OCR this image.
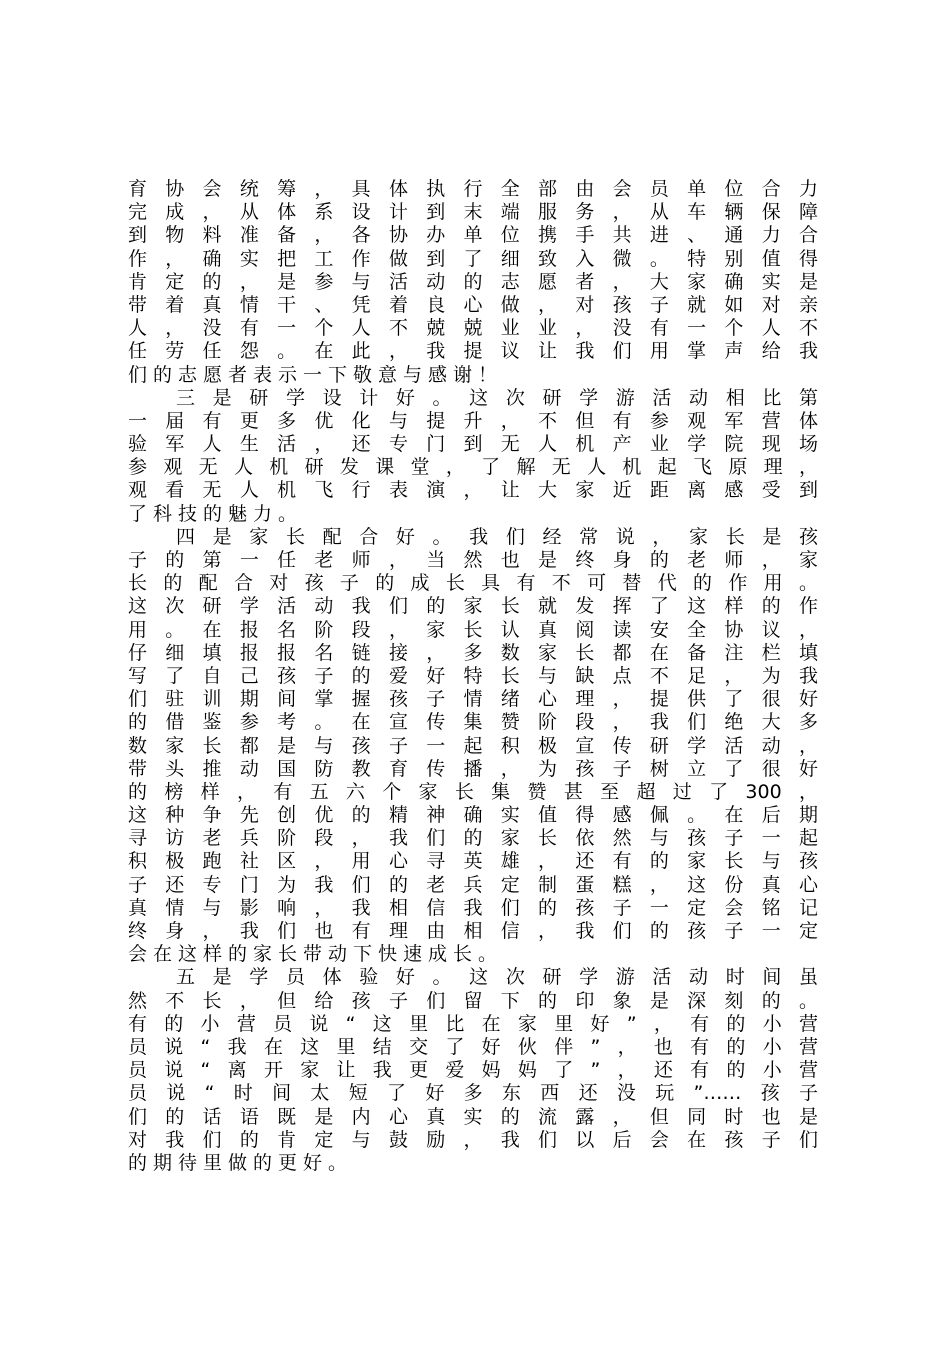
育协会统筹，具体执行全部由会员单位合力
完成，从体系设计到末端服务，从车辆保障
到物料准备，各协办单位携手共进、通力合
作，确实把工作做到了细致入微。特别值得
肯定的，是参与活动的志愿者，大家确实是
带着真情干、凭着良心做，对孩子就如对亲
人，没有一个人不兢兢业业，没有一个人不
任劳任怨。在此，我提议让我们用掌声给我
们的志愿者表示一下敬意与感谢！
三是研学设计好。这次研学游活动相比第
一届有更多优化与提升，不但有参观军营体
验军人生活，还专门到无人机产业学院现场
参观无人机研发课堂，了解无人机起飞原理，
观看无人机飞行表演，让大家近距离感受到
了科技的魅力。
四是家长配合好。我们经常说，家长是孩
子的第一任老师，当然也是终身的老师，家
长的配合对孩子的成长具有不可替代的作用。
这次研学活动我们的家长就发挥了这样的作
用。在报名阶段，家长认真阅读安全协议，
仔细填报报名链接，多数家长都在备注栏填
写了自己孩子的爱好特长与缺点不足，为我
们驻训期间掌握孩子情绪心理，提供了很好
的借鉴参考。在宣传集赞阶段，我们绝大多
数家长都是与孩子一起积极宣传研学活动，
带头推动国防教育传播，为孩子树立了很好
的榜样，有五六个家长集赞甚至超过了300，
这种争先创优的精神确实值得感佩。在后期
寻访老兵阶段，我们的家长依然与孩子一起
积极跑社区，用心寻英雄，还有的家长与孩
子还专门为我们的老兵定制蛋糕，这份真心
真情与影响，我相信我们的孩子一定会铭记
终身，我们也有理由相信，我们的孩子一定
会在这样的家长带动下快速成长。
五是学员体验好。这次研学游活动时间虽
然不长，但给孩子们留下的印象是深刻的。
有的小营员说“这里比在家里好”，有的小营
员说“我在这里结交了好伙伴”，也有的小营
员说“离开家让我更爱妈妈了”，还有的小营
员说“时间太短了好多东西还没玩”……孩子
们的话语既是内心真实的流露，但同时也是
对我们的肯定与鼓励，我们以后会在孩子们
的期待里做的更好。
